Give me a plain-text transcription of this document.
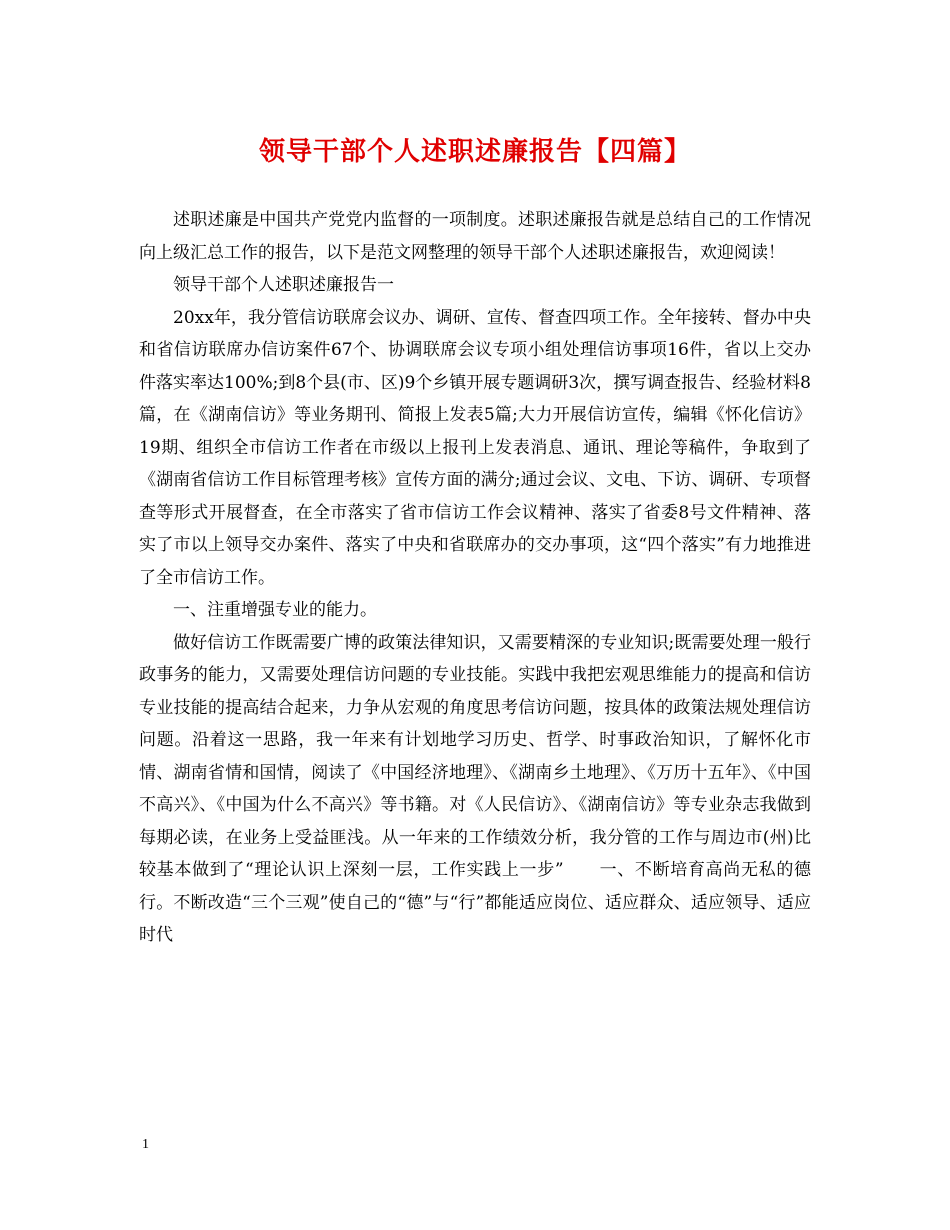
领导干部个人述职述廉报告【四篇】

述职述廉是中国共产党党内监督的一项制度。述职述廉报告就是总结自己的工作情况向上级汇总工作的报告，以下是范文网整理的领导干部个人述职述廉报告，欢迎阅读！

领导干部个人述职述廉报告一

20xx年，我分管信访联席会议办、调研、宣传、督查四项工作。全年接转、督办中央和省信访联席办信访案件67个、协调联席会议专项小组处理信访事项16件，省以上交办件落实率达100%;到8个县(市、区)9个乡镇开展专题调研3次，撰写调查报告、经验材料8篇，在《湖南信访》等业务期刊、简报上发表5篇;大力开展信访宣传，编辑《怀化信访》19期、组织全市信访工作者在市级以上报刊上发表消息、通讯、理论等稿件，争取到了《湖南省信访工作目标管理考核》宣传方面的满分;通过会议、文电、下访、调研、专项督查等形式开展督查，在全市落实了省市信访工作会议精神、落实了省委8号文件精神、落实了市以上领导交办案件、落实了中央和省联席办的交办事项，这“四个落实”有力地推进了全市信访工作。

一、注重增强专业的能力。

做好信访工作既需要广博的政策法律知识，又需要精深的专业知识;既需要处理一般行政事务的能力，又需要处理信访问题的专业技能。实践中我把宏观思维能力的提高和信访专业技能的提高结合起来，力争从宏观的角度思考信访问题，按具体的政策法规处理信访问题。沿着这一思路，我一年来有计划地学习历史、哲学、时事政治知识，了解怀化市情、湖南省情和国情，阅读了《中国经济地理》、《湖南乡土地理》、《万历十五年》、《中国不高兴》、《中国为什么不高兴》等书籍。对《人民信访》、《湖南信访》等专业杂志我做到每期必读，在业务上受益匪浅。从一年来的工作绩效分析，我分管的工作与周边市(州)比较基本做到了“理论认识上深刻一层，工作实践上一步”　　一、不断培育高尚无私的德行。不断改造“三个三观”使自己的“德”与“行”都能适应岗位、适应群众、适应领导、适应时代

1
